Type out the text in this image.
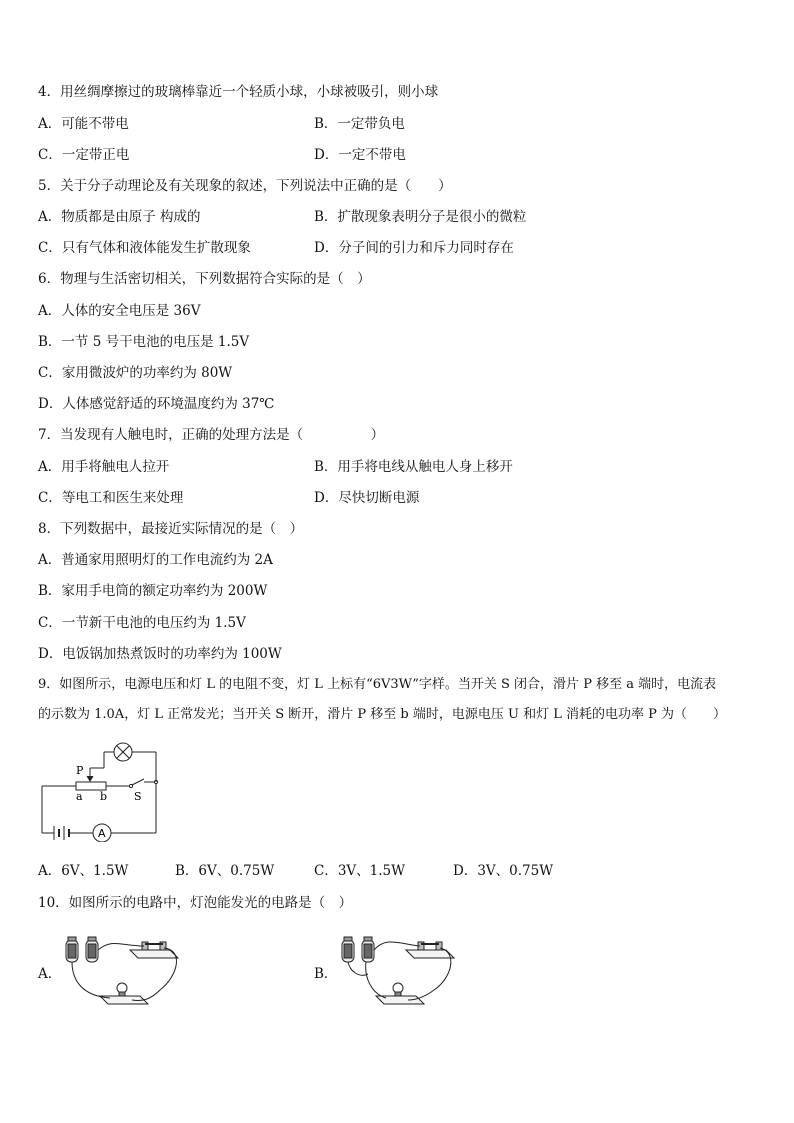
4．用丝绸摩擦过的玻璃棒靠近一个轻质小球，小球被吸引，则小球
A．可能不带电	B．一定带负电
C．一定带正电	D．一定不带电
5．关于分子动理论及有关现象的叙述，下列说法中正确的是（　　）
A．物质都是由原子 构成的	B．扩散现象表明分子是很小的微粒
C．只有气体和液体能发生扩散现象	D．分子间的引力和斥力同时存在
6．物理与生活密切相关，下列数据符合实际的是（　）
A．人体的安全电压是 36V
B．一节 5 号干电池的电压是 1.5V
C．家用微波炉的功率约为 80W
D．人体感觉舒适的环境温度约为 37℃
7．当发现有人触电时，正确的处理方法是（　　　　　）
A．用手将触电人拉开	B．用手将电线从触电人身上移开
C．等电工和医生来处理	D．尽快切断电源
8．下列数据中，最接近实际情况的是（　）
A．普通家用照明灯的工作电流约为 2A
B．家用手电筒的额定功率约为 200W
C．一节新干电池的电压约为 1.5V
D．电饭锅加热煮饭时的功率约为 100W
9．如图所示，电源电压和灯 L 的电阻不变，灯 L 上标有“6V3W”字样。当开关 S 闭合，滑片 P 移至 a 端时，电流表
的示数为 1.0A，灯 L 正常发光；当开关 S 断开，滑片 P 移至 b 端时，电源电压 U 和灯 L 消耗的电功率 P 为（　　）
P
a b S
A
A．6V、1.5W	B．6V、0.75W	C．3V、1.5W	D．3V、0.75W
10．如图所示的电路中，灯泡能发光的电路是（　）
A．	B．
